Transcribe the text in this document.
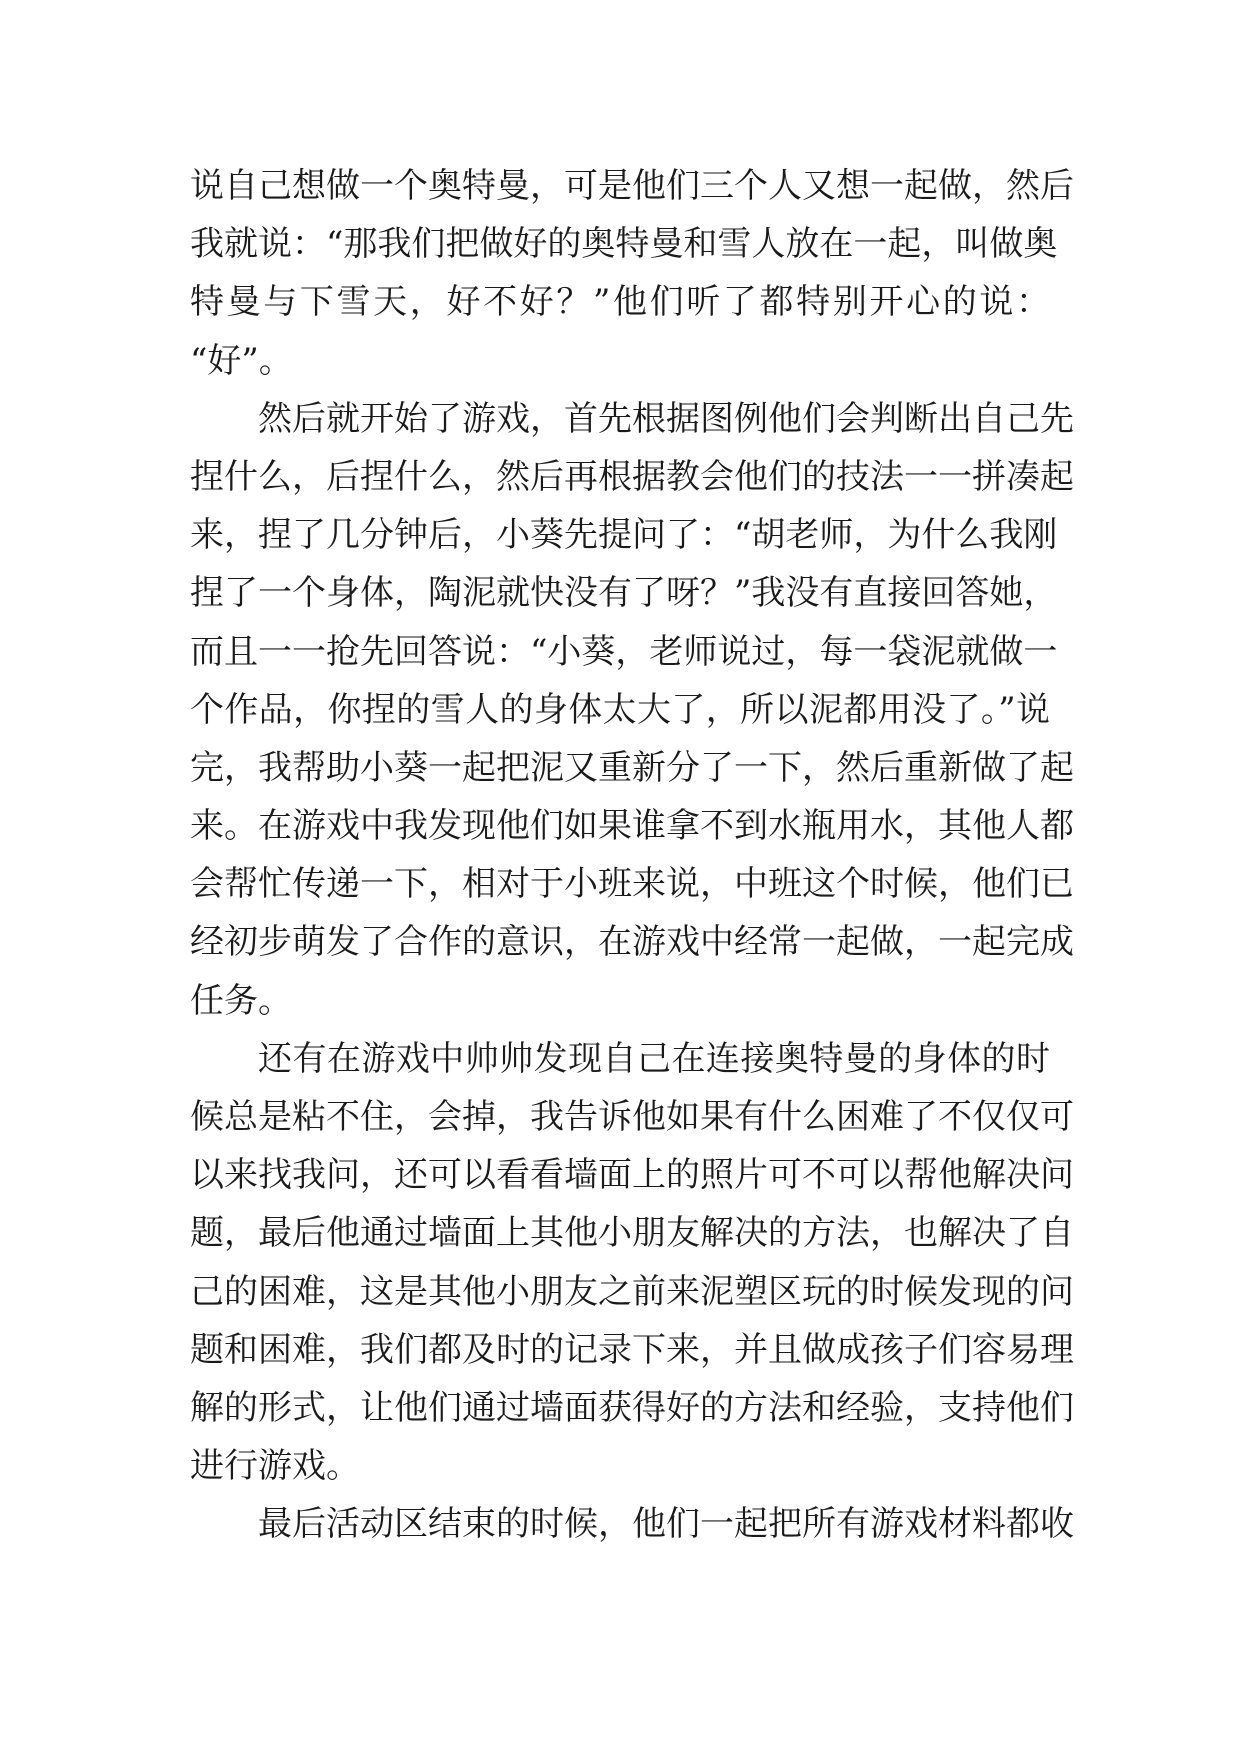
说自己想做一个奥特曼，可是他们三个人又想一起做，然后
我就说：“那我们把做好的奥特曼和雪人放在一起，叫做奥
特曼与下雪天，好不好？”他们听了都特别开心的说：
“好”。
然后就开始了游戏，首先根据图例他们会判断出自己先
捏什么，后捏什么，然后再根据教会他们的技法一一拼凑起
来，捏了几分钟后，小葵先提问了：“胡老师，为什么我刚
捏了一个身体，陶泥就快没有了呀？”我没有直接回答她，
而且一一抢先回答说：“小葵，老师说过，每一袋泥就做一
个作品，你捏的雪人的身体太大了，所以泥都用没了。”说
完，我帮助小葵一起把泥又重新分了一下，然后重新做了起
来。在游戏中我发现他们如果谁拿不到水瓶用水，其他人都
会帮忙传递一下，相对于小班来说，中班这个时候，他们已
经初步萌发了合作的意识，在游戏中经常一起做，一起完成
任务。
还有在游戏中帅帅发现自己在连接奥特曼的身体的时
候总是粘不住，会掉，我告诉他如果有什么困难了不仅仅可
以来找我问，还可以看看墙面上的照片可不可以帮他解决问
题，最后他通过墙面上其他小朋友解决的方法，也解决了自
己的困难，这是其他小朋友之前来泥塑区玩的时候发现的问
题和困难，我们都及时的记录下来，并且做成孩子们容易理
解的形式，让他们通过墙面获得好的方法和经验，支持他们
进行游戏。
最后活动区结束的时候，他们一起把所有游戏材料都收
